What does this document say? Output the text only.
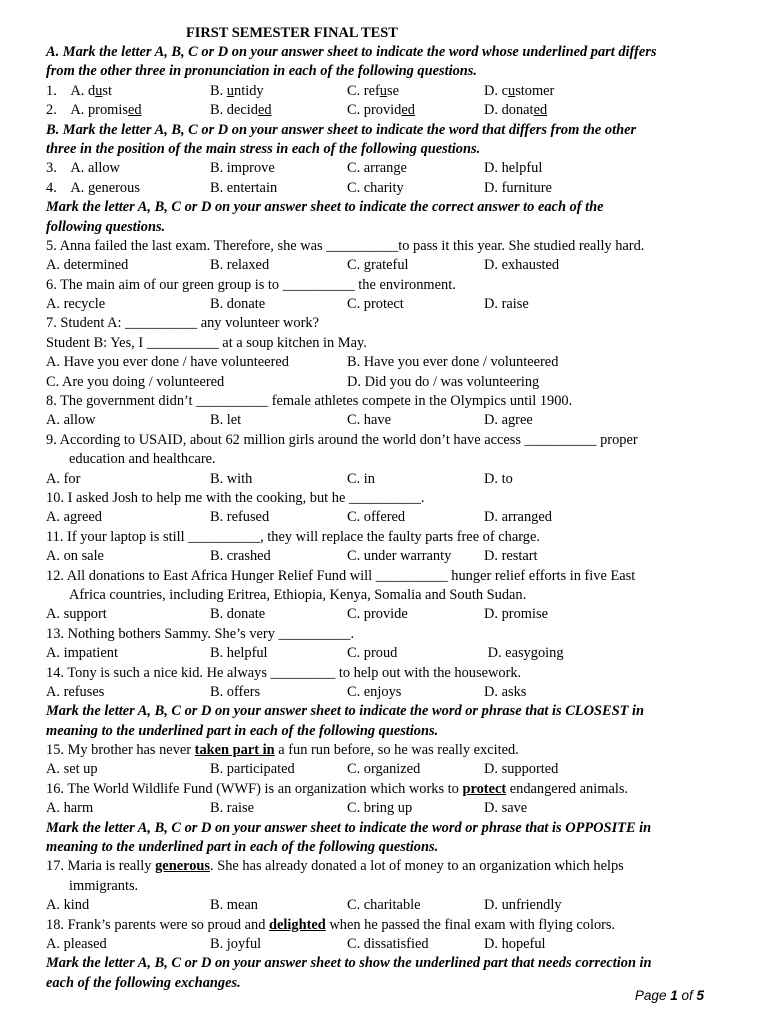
FIRST SEMESTER FINAL TEST
A. Mark the letter A, B, C or D on your answer sheet to indicate the word whose underlined part differs
from the other three in pronunciation in each of the following questions.
1.    A. dust	B. untidy	C. refuse	D. customer
2.    A. promised	B. decided	C. provided	D. donated
B. Mark the letter A, B, C or D on your answer sheet to indicate the word that differs from the other
three in the position of the main stress in each of the following questions.
3.    A. allow	B. improve	C. arrange	D. helpful
4.    A. generous	B. entertain	C. charity	D. furniture
Mark the letter A, B, C or D on your answer sheet to indicate the correct answer to each of the
following questions.
5. Anna failed the last exam. Therefore, she was __________to pass it this year. She studied really hard.
A. determined	B. relaxed	C. grateful	D. exhausted
6. The main aim of our green group is to __________ the environment.
A. recycle	B. donate	C. protect	D. raise
7. Student A: __________ any volunteer work?
Student B: Yes, I __________ at a soup kitchen in May.
A. Have you ever done / have volunteered	B. Have you ever done / volunteered
C. Are you doing / volunteered	D. Did you do / was volunteering
8. The government didn’t __________ female athletes compete in the Olympics until 1900.
A. allow	B. let	C. have	D. agree
9. According to USAID, about 62 million girls around the world don’t have access __________ proper
education and healthcare.
A. for	B. with	C. in	D. to
10. I asked Josh to help me with the cooking, but he __________.
A. agreed	B. refused	C. offered	D. arranged
11. If your laptop is still __________, they will replace the faulty parts free of charge.
A. on sale	B. crashed	C. under warranty D. restart
12. All donations to East Africa Hunger Relief Fund will __________ hunger relief efforts in five East
Africa countries, including Eritrea, Ethiopia, Kenya, Somalia and South Sudan.
A. support	B. donate	C. provide	D. promise
13. Nothing bothers Sammy. She’s very __________.
A. impatient	B. helpful	C. proud	D. easygoing
14. Tony is such a nice kid. He always _________ to help out with the housework.
A. refuses	B. offers	C. enjoys	D. asks
Mark the letter A, B, C or D on your answer sheet to indicate the word or phrase that is CLOSEST in
meaning to the underlined part in each of the following questions.
15. My brother has never taken part in a fun run before, so he was really excited.
A. set up	B. participated	C. organized	D. supported
16. The World Wildlife Fund (WWF) is an organization which works to protect endangered animals.
A. harm	B. raise	C. bring up	D. save
Mark the letter A, B, C or D on your answer sheet to indicate the word or phrase that is OPPOSITE in
meaning to the underlined part in each of the following questions.
17. Maria is really generous. She has already donated a lot of money to an organization which helps
immigrants.
A. kind	B. mean	C. charitable	D. unfriendly
18. Frank’s parents were so proud and delighted when he passed the final exam with flying colors.
A. pleased	B. joyful	C. dissatisfied	D. hopeful
Mark the letter A, B, C or D on your answer sheet to show the underlined part that needs correction in
each of the following exchanges.
Page 1 of 5
